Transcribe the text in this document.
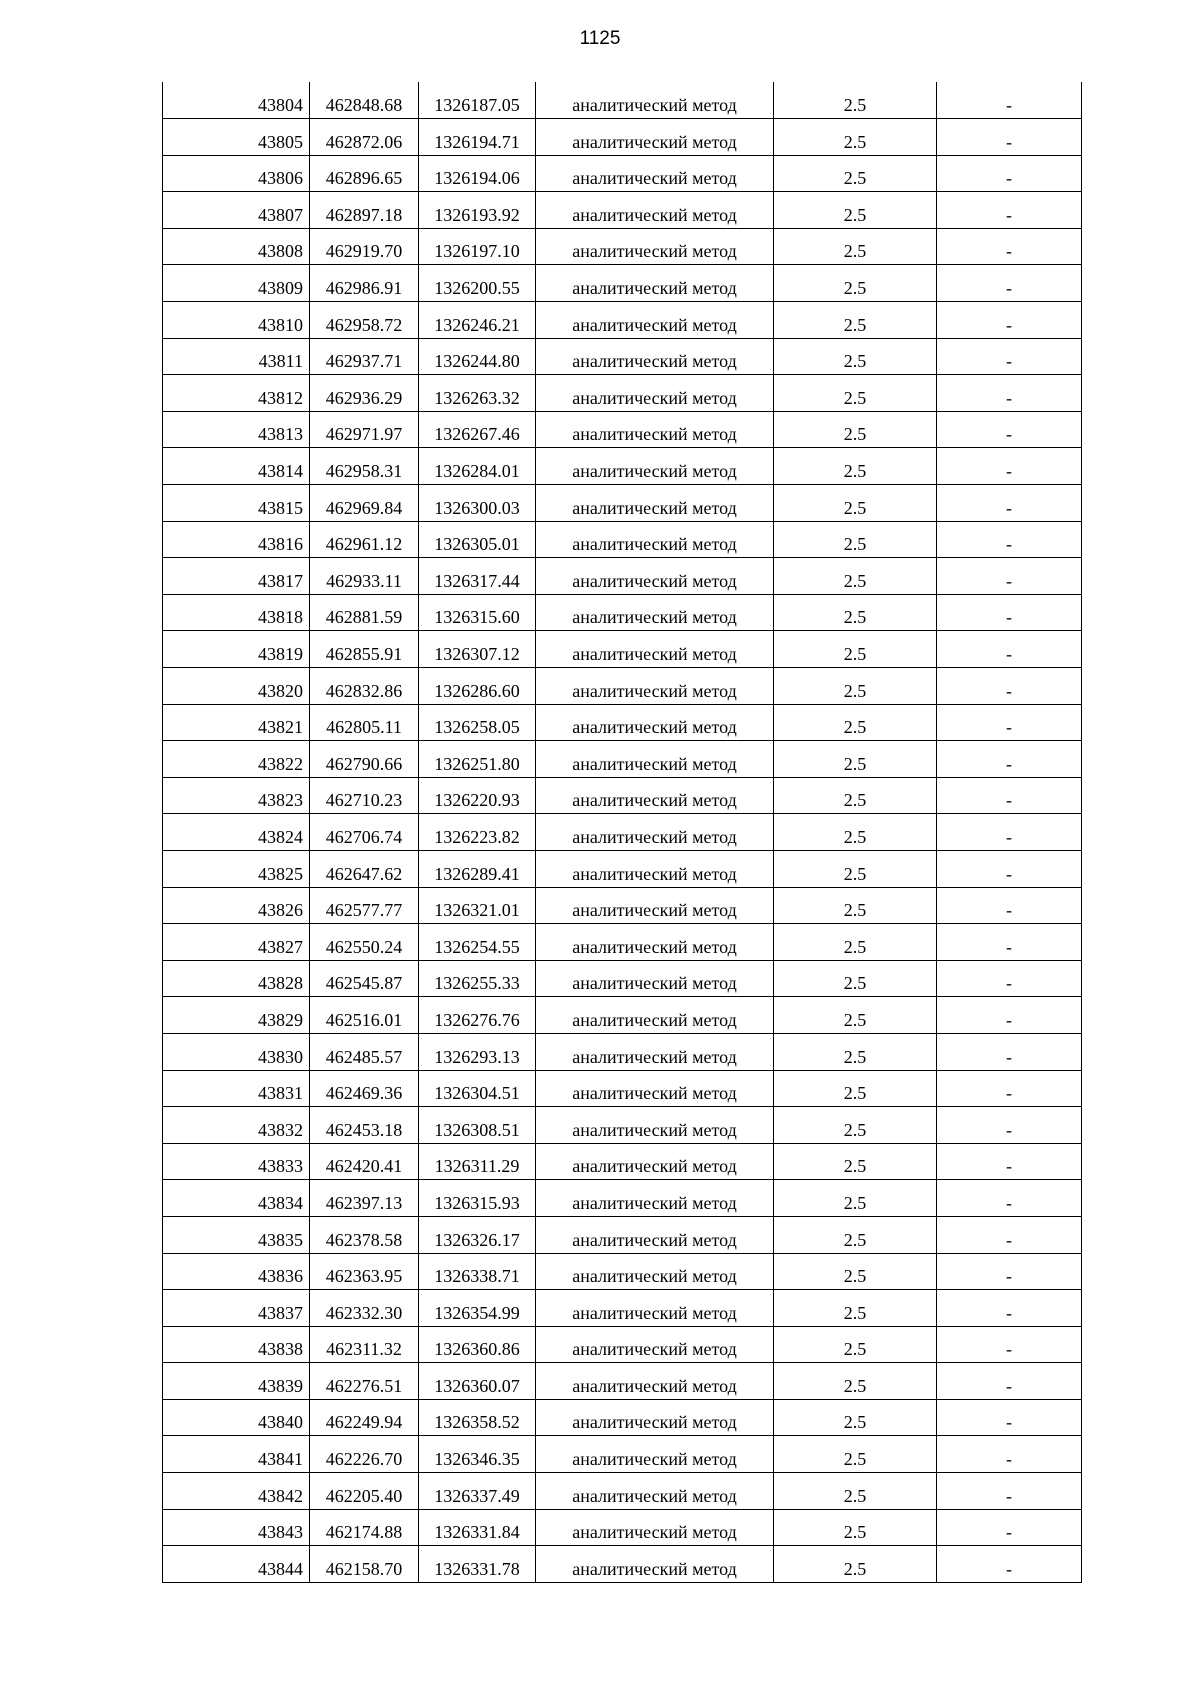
1125
43804	462848.68	1326187.05	аналитический метод	2.5	-
43805	462872.06	1326194.71	аналитический метод	2.5	-
43806	462896.65	1326194.06	аналитический метод	2.5	-
43807	462897.18	1326193.92	аналитический метод	2.5	-
43808	462919.70	1326197.10	аналитический метод	2.5	-
43809	462986.91	1326200.55	аналитический метод	2.5	-
43810	462958.72	1326246.21	аналитический метод	2.5	-
43811	462937.71	1326244.80	аналитический метод	2.5	-
43812	462936.29	1326263.32	аналитический метод	2.5	-
43813	462971.97	1326267.46	аналитический метод	2.5	-
43814	462958.31	1326284.01	аналитический метод	2.5	-
43815	462969.84	1326300.03	аналитический метод	2.5	-
43816	462961.12	1326305.01	аналитический метод	2.5	-
43817	462933.11	1326317.44	аналитический метод	2.5	-
43818	462881.59	1326315.60	аналитический метод	2.5	-
43819	462855.91	1326307.12	аналитический метод	2.5	-
43820	462832.86	1326286.60	аналитический метод	2.5	-
43821	462805.11	1326258.05	аналитический метод	2.5	-
43822	462790.66	1326251.80	аналитический метод	2.5	-
43823	462710.23	1326220.93	аналитический метод	2.5	-
43824	462706.74	1326223.82	аналитический метод	2.5	-
43825	462647.62	1326289.41	аналитический метод	2.5	-
43826	462577.77	1326321.01	аналитический метод	2.5	-
43827	462550.24	1326254.55	аналитический метод	2.5	-
43828	462545.87	1326255.33	аналитический метод	2.5	-
43829	462516.01	1326276.76	аналитический метод	2.5	-
43830	462485.57	1326293.13	аналитический метод	2.5	-
43831	462469.36	1326304.51	аналитический метод	2.5	-
43832	462453.18	1326308.51	аналитический метод	2.5	-
43833	462420.41	1326311.29	аналитический метод	2.5	-
43834	462397.13	1326315.93	аналитический метод	2.5	-
43835	462378.58	1326326.17	аналитический метод	2.5	-
43836	462363.95	1326338.71	аналитический метод	2.5	-
43837	462332.30	1326354.99	аналитический метод	2.5	-
43838	462311.32	1326360.86	аналитический метод	2.5	-
43839	462276.51	1326360.07	аналитический метод	2.5	-
43840	462249.94	1326358.52	аналитический метод	2.5	-
43841	462226.70	1326346.35	аналитический метод	2.5	-
43842	462205.40	1326337.49	аналитический метод	2.5	-
43843	462174.88	1326331.84	аналитический метод	2.5	-
43844	462158.70	1326331.78	аналитический метод	2.5	-
